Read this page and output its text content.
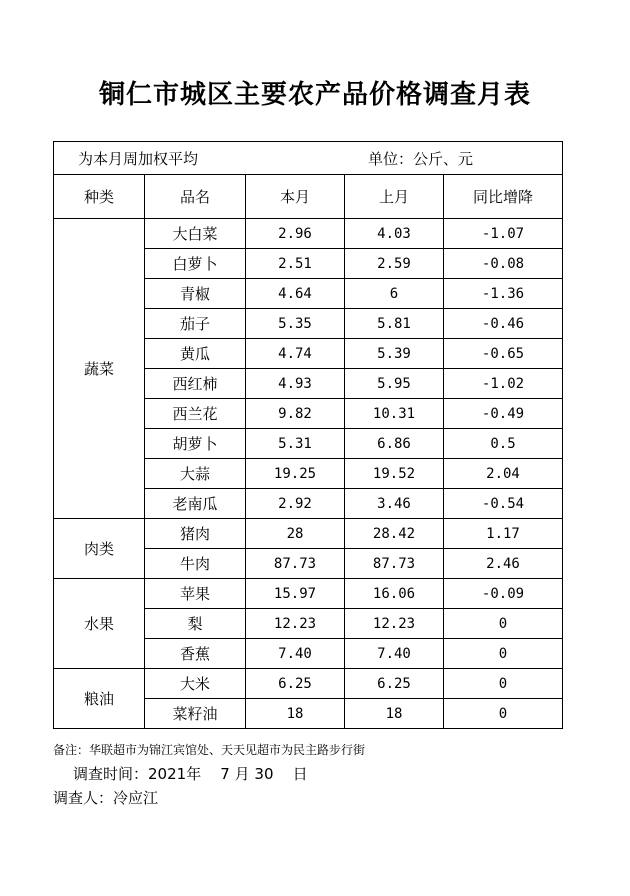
铜仁市城区主要农产品价格调查月表
为本月周加权平均 单位：公斤、元				
种类	品名	本月	上月	同比增降
蔬菜	大白菜	2.96	4.03	-1.07
	白萝卜	2.51	2.59	-0.08
	青椒	4.64	6	-1.36
	茄子	5.35	5.81	-0.46
	黄瓜	4.74	5.39	-0.65
	西红柿	4.93	5.95	-1.02
	西兰花	9.82	10.31	-0.49
	胡萝卜	5.31	6.86	0.5
	大蒜	19.25	19.52	2.04
	老南瓜	2.92	3.46	-0.54
肉类	猪肉	28	28.42	1.17
	牛肉	87.73	87.73	2.46
水果	苹果	15.97	16.06	-0.09
	梨	12.23	12.23	0
	香蕉	7.40	7.40	0
粮油	大米	6.25	6.25	0
	菜籽油	18	18	0
备注：华联超市为锦江宾馆处、天天见超市为民主路步行街
调查时间：2021年 7 月 30 日
调查人：冷应江
